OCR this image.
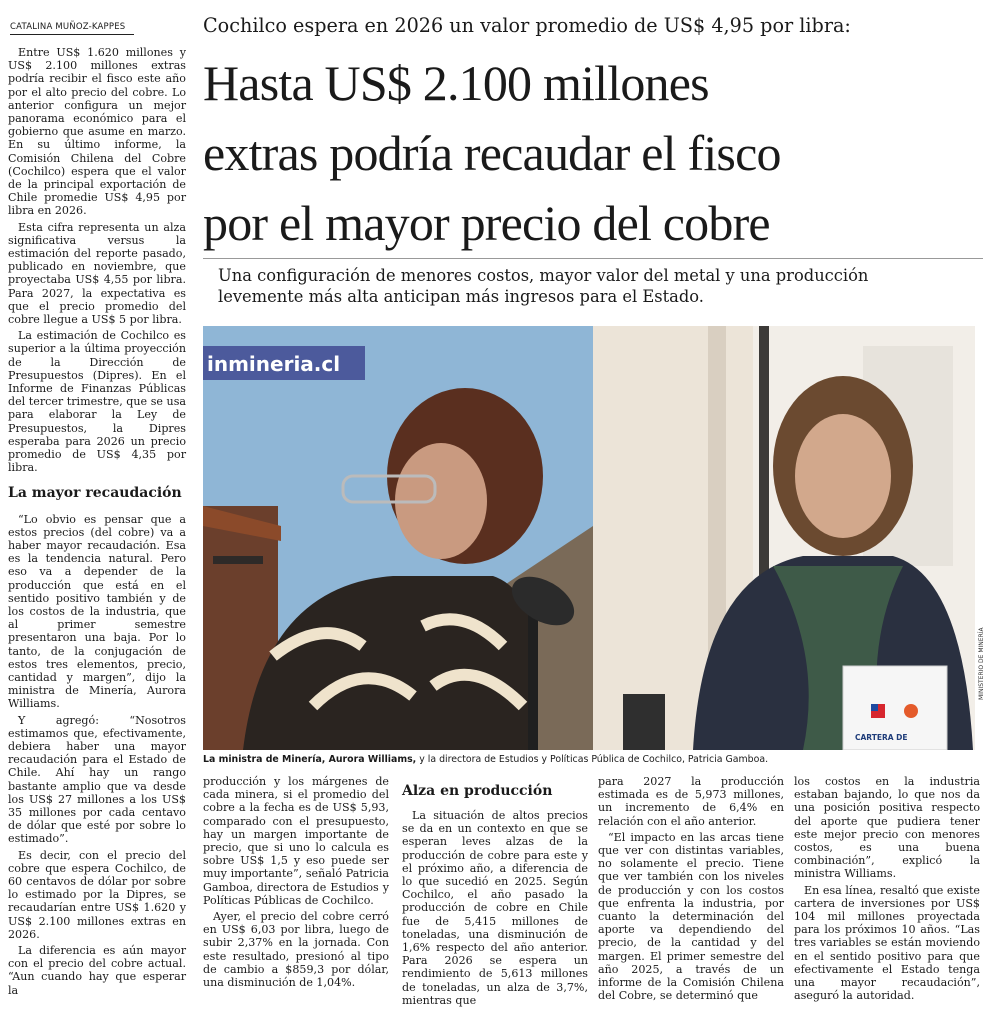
CATALINA MUÑOZ-KAPPES

Entre US$ 1.620 millones y US$ 2.100 millones extras podría recibir el fisco este año por el alto precio del cobre. Lo anterior configura un mejor panorama económico para el gobierno que asume en marzo. En su último informe, la Comisión Chilena del Cobre (Cochilco) espera que el valor de la principal exportación de Chile promedie US$ 4,95 por libra en 2026.

Esta cifra representa un alza significativa versus la estimación del reporte pasado, publicado en noviembre, que proyectaba US$ 4,55 por libra. Para 2027, la expectativa es que el precio promedio del cobre llegue a US$ 5 por libra.

La estimación de Cochilco es superior a la última proyección de la Dirección de Presupuestos (Dipres). En el Informe de Finanzas Públicas del tercer trimestre, que se usa para elaborar la Ley de Presupuestos, la Dipres esperaba para 2026 un precio promedio de US$ 4,35 por libra.

La mayor recaudación

“Lo obvio es pensar que a estos precios (del cobre) va a haber mayor recaudación. Esa es la tendencia natural. Pero eso va a depender de la producción que está en el sentido positivo también y de los costos de la industria, que al primer semestre presentaron una baja. Por lo tanto, de la conjugación de estos tres elementos, precio, cantidad y margen”, dijo la ministra de Minería, Aurora Williams.

Y agregó: “Nosotros estimamos que, efectivamente, debiera haber una mayor recaudación para el Estado de Chile. Ahí hay un rango bastante amplio que va desde los US$ 27 millones a los US$ 35 millones por cada centavo de dólar que esté por sobre lo estimado”.

Es decir, con el precio del cobre que espera Cochilco, de 60 centavos de dólar por sobre lo estimado por la Dipres, se recaudarían entre US$ 1.620 y US$ 2.100 millones extras en 2026.

La diferencia es aún mayor con el precio del cobre actual. “Aun cuando hay que esperar la

Cochilco espera en 2026 un valor promedio de US$ 4,95 por libra:
Hasta US$ 2.100 millones
extras podría recaudar el fisco
por el mayor precio del cobre
Una configuración de menores costos, mayor valor del metal y una producción
levemente más alta anticipan más ingresos para el Estado.
inmineria.cl
CARTERA DE
MINISTERIO DE MINERÍA
La ministra de Minería, Aurora Williams, y la directora de Estudios y Políticas Pública de Cochilco, Patricia Gamboa.

producción y los márgenes de cada minera, si el promedio del cobre a la fecha es de US$ 5,93, comparado con el presupuesto, hay un margen importante de precio, que si uno lo calcula es sobre US$ 1,5 y eso puede ser muy importante”, señaló Patricia Gamboa, directora de Estudios y Políticas Públicas de Cochilco.

Ayer, el precio del cobre cerró en US$ 6,03 por libra, luego de subir 2,37% en la jornada. Con este resultado, presionó al tipo de cambio a $859,3 por dólar, una disminución de 1,04%.

Alza en producción

La situación de altos precios se da en un contexto en que se esperan leves alzas de la producción de cobre para este y el próximo año, a diferencia de lo que sucedió en 2025. Según Cochilco, el año pasado la producción de cobre en Chile fue de 5,415 millones de toneladas, una disminución de 1,6% respecto del año anterior. Para 2026 se espera un rendimiento de 5,613 millones de toneladas, un alza de 3,7%, mientras que

para 2027 la producción estimada es de 5,973 millones, un incremento de 6,4% en relación con el año anterior.

“El impacto en las arcas tiene que ver con distintas variables, no solamente el precio. Tiene que ver también con los niveles de producción y con los costos que enfrenta la industria, por cuanto la determinación del aporte va dependiendo del precio, de la cantidad y del margen. El primer semestre del año 2025, a través de un informe de la Comisión Chilena del Cobre, se determinó que

los costos en la industria estaban bajando, lo que nos da una posición positiva respecto del aporte que pudiera tener este mejor precio con menores costos, es una buena combinación”, explicó la ministra Williams.

En esa línea, resaltó que existe cartera de inversiones por US$ 104 mil millones proyectada para los próximos 10 años. “Las tres variables se están moviendo en el sentido positivo para que efectivamente el Estado tenga una mayor recaudación”, aseguró la autoridad.
